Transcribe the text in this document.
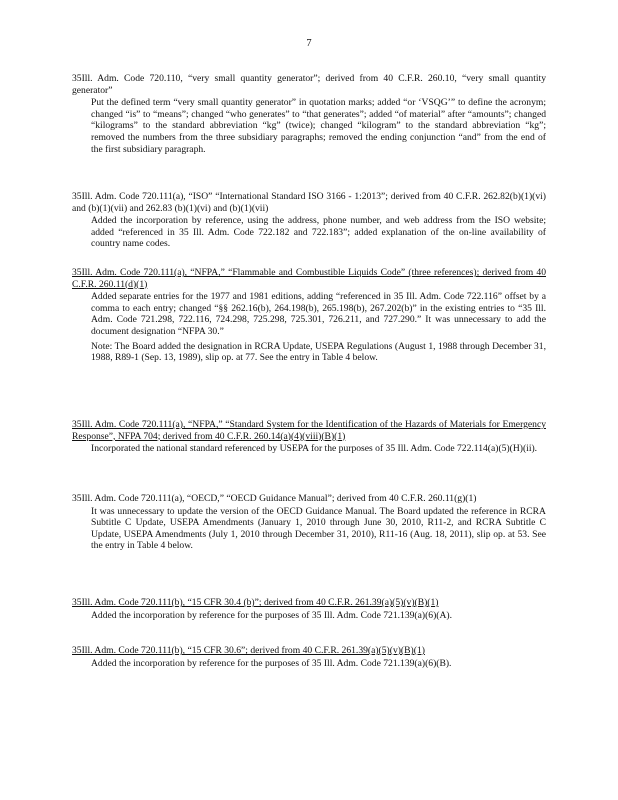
7
35Ill. Adm. Code 720.110, “very small quantity generator”; derived from 40 C.F.R. 260.10, “very small quantity generator”
Put the defined term “very small quantity generator” in quotation marks; added “or ‘VSQG’” to define the acronym; changed “is” to “means”; changed “who generates” to “that generates”; added “of material” after “amounts”; changed “kilograms” to the standard abbreviation “kg” (twice); changed “kilogram” to the standard abbreviation “kg”; removed the numbers from the three subsidiary paragraphs; removed the ending conjunction “and” from the end of the first subsidiary paragraph.
35Ill. Adm. Code 720.111(a), “ISO” “International Standard ISO 3166 - 1:2013”; derived from 40 C.F.R. 262.82(b)(1)(vi) and (b)(1)(vii) and 262.83 (b)(1)(vi) and (b)(1)(vii)
Added the incorporation by reference, using the address, phone number, and web address from the ISO website; added “referenced in 35 Ill. Adm. Code 722.182 and 722.183”; added explanation of the on-line availability of country name codes.
35Ill. Adm. Code 720.111(a), “NFPA,” “Flammable and Combustible Liquids Code” (three references); derived from 40 C.F.R. 260.11(d)(1)
Added separate entries for the 1977 and 1981 editions, adding “referenced in 35 Ill. Adm. Code 722.116” offset by a comma to each entry; changed “§§ 262.16(b), 264.198(b), 265.198(b), 267.202(b)” in the existing entries to “35 Ill. Adm. Code 721.298, 722.116, 724.298, 725.298, 725.301, 726.211, and 727.290.” It was unnecessary to add the document designation “NFPA 30.”
Note: The Board added the designation in RCRA Update, USEPA Regulations (August 1, 1988 through December 31, 1988, R89-1 (Sep. 13, 1989), slip op. at 77. See the entry in Table 4 below.
35Ill. Adm. Code 720.111(a), “NFPA,” “Standard System for the Identification of the Hazards of Materials for Emergency Response”, NFPA 704; derived from 40 C.F.R. 260.14(a)(4)(viii)(B)(1)
Incorporated the national standard referenced by USEPA for the purposes of 35 Ill. Adm. Code 722.114(a)(5)(H)(ii).
35Ill. Adm. Code 720.111(a), “OECD,” “OECD Guidance Manual”; derived from 40 C.F.R. 260.11(g)(1)
It was unnecessary to update the version of the OECD Guidance Manual. The Board updated the reference in RCRA Subtitle C Update, USEPA Amendments (January 1, 2010 through June 30, 2010, R11-2, and RCRA Subtitle C Update, USEPA Amendments (July 1, 2010 through December 31, 2010), R11-16 (Aug. 18, 2011), slip op. at 53. See the entry in Table 4 below.
35Ill. Adm. Code 720.111(b), “15 CFR 30.4 (b)”; derived from 40 C.F.R. 261.39(a)(5)(v)(B)(1)
Added the incorporation by reference for the purposes of 35 Ill. Adm. Code 721.139(a)(6)(A).
35Ill. Adm. Code 720.111(b), “15 CFR 30.6”; derived from 40 C.F.R. 261.39(a)(5)(v)(B)(1)
Added the incorporation by reference for the purposes of 35 Ill. Adm. Code 721.139(a)(6)(B).
